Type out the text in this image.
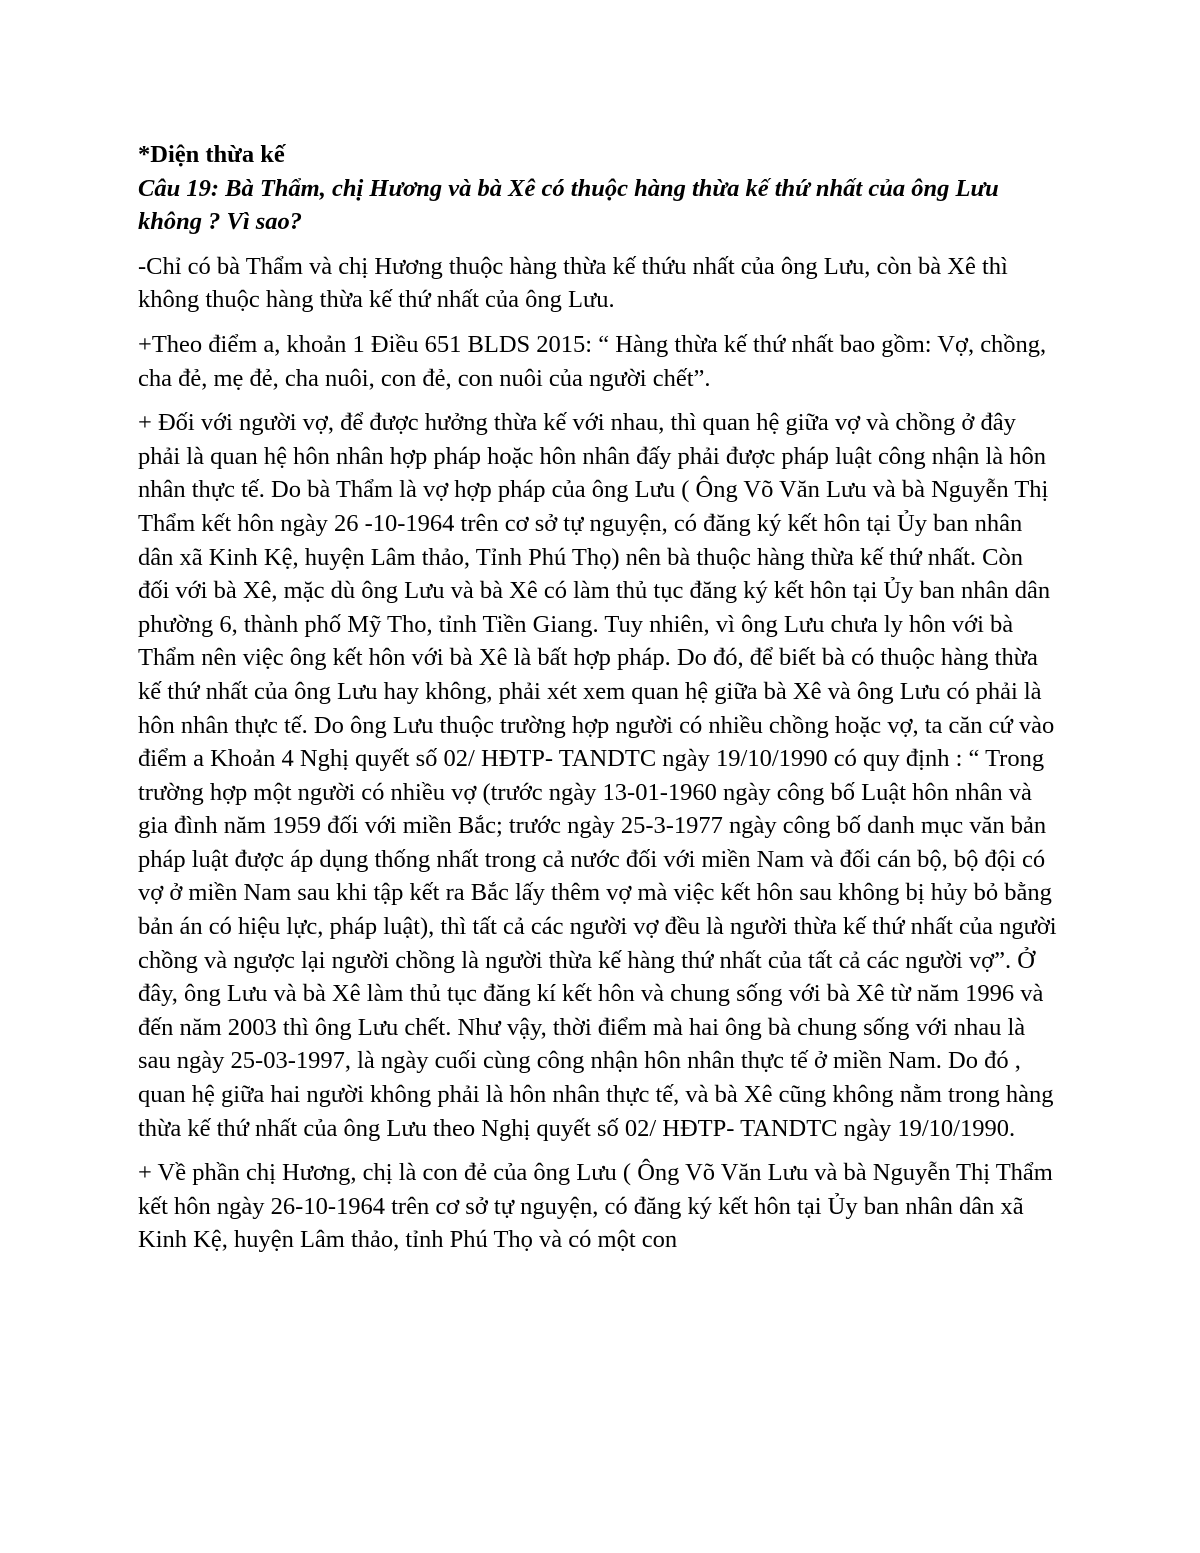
*Diện thừa kế

Câu 19: Bà Thẩm, chị Hương và bà Xê có thuộc hàng thừa kế thứ nhất của ông Lưu không ? Vì sao?

-Chỉ có bà Thẩm và chị Hương thuộc hàng thừa kế thứu nhất của ông Lưu, còn bà Xê thì không thuộc hàng thừa kế thứ nhất của ông Lưu.

+Theo điểm a, khoản 1 Điều 651 BLDS 2015: “ Hàng thừa kế thứ nhất bao gồm: Vợ, chồng, cha đẻ, mẹ đẻ, cha nuôi, con đẻ, con nuôi của người chết”.

+ Đối với người vợ, để được hưởng thừa kế với nhau, thì quan hệ giữa vợ và chồng ở đây phải là quan hệ hôn nhân hợp pháp hoặc hôn nhân đấy phải được pháp luật công nhận là hôn nhân thực tế. Do bà Thẩm là vợ hợp pháp của ông Lưu ( Ông Võ Văn Lưu và bà Nguyễn Thị Thẩm kết hôn ngày 26 -10-1964 trên cơ sở tự nguyện, có đăng ký kết hôn tại Ủy ban nhân dân xã Kinh Kệ, huyện Lâm thảo, Tỉnh Phú Thọ) nên bà thuộc hàng thừa kế thứ nhất. Còn đối với bà Xê, mặc dù ông Lưu và bà Xê có làm thủ tục đăng ký kết hôn tại Ủy ban nhân dân phường 6, thành phố Mỹ Tho, tỉnh Tiền Giang. Tuy nhiên, vì ông Lưu chưa ly hôn với bà Thẩm nên việc ông kết hôn với bà Xê là bất hợp pháp. Do đó, để biết bà có thuộc hàng thừa kế thứ nhất của ông Lưu hay không, phải xét xem quan hệ giữa bà Xê và ông Lưu có phải là hôn nhân thực tế. Do ông Lưu thuộc trường hợp người có nhiều chồng hoặc vợ, ta căn cứ vào điểm a Khoản 4 Nghị quyết số 02/ HĐTP- TANDTC ngày 19/10/1990 có quy định : “ Trong trường hợp một người có nhiều vợ (trước ngày 13-01-1960 ngày công bố Luật hôn nhân và gia đình năm 1959 đối với miền Bắc; trước ngày 25-3-1977 ngày công bố danh mục văn bản pháp luật được áp dụng thống nhất trong cả nước đối với miền Nam và đối cán bộ, bộ đội có vợ ở miền Nam sau khi tập kết ra Bắc lấy thêm vợ mà việc kết hôn sau không bị hủy bỏ bằng bản án có hiệu lực, pháp luật), thì tất cả các người vợ đều là người thừa kế thứ nhất của người chồng và ngược lại người chồng là người thừa kế hàng thứ nhất của tất cả các người vợ”. Ở đây, ông Lưu và bà Xê làm thủ tục đăng kí kết hôn và chung sống với bà Xê từ năm 1996 và đến năm 2003 thì ông Lưu chết. Như vậy, thời điểm mà hai ông bà chung sống với nhau là sau ngày 25-03-1997, là ngày cuối cùng công nhận hôn nhân thực tế ở miền Nam. Do đó , quan hệ giữa hai người không phải là hôn nhân thực tế, và bà Xê cũng không nằm trong hàng thừa kế thứ nhất của ông Lưu theo Nghị quyết số 02/ HĐTP- TANDTC ngày 19/10/1990.

+ Về phần chị Hương, chị là con đẻ của ông Lưu ( Ông Võ Văn Lưu và bà Nguyễn Thị Thẩm kết hôn ngày 26-10-1964 trên cơ sở tự nguyện, có đăng ký kết hôn tại Ủy ban nhân dân xã Kinh Kệ, huyện Lâm thảo, tỉnh Phú Thọ và có một con
